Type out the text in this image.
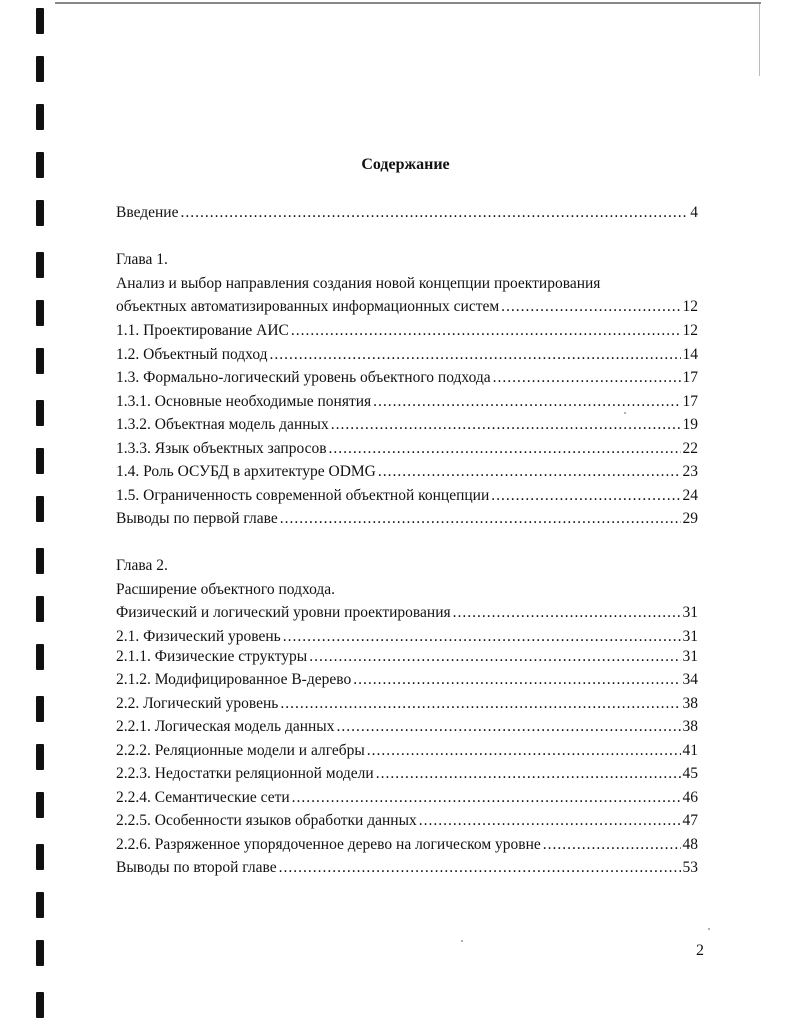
Содержание
Введение .....	4
Глава 1.
Анализ и выбор направления создания новой концепции проектирования
объектных автоматизированных информационных систем .....	12
1.1. Проектирование АИС .....	12
1.2. Объектный подход .....	14
1.3. Формально-логический уровень объектного подхода .....	17
1.3.1. Основные необходимые понятия .....	17
1.3.2. Объектная модель данных .....	19
1.3.3. Язык объектных запросов .....	22
1.4. Роль ОСУБД в архитектуре ODMG .....	23
1.5. Ограниченность современной объектной концепции .....	24
Выводы по первой главе .....	29
Глава 2.
Расширение объектного подхода.
Физический и логический уровни проектирования .....	31
2.1. Физический уровень .....	31
2.1.1. Физические структуры .....	31
2.1.2. Модифицированное B-дерево .....	34
2.2. Логический уровень .....	38
2.2.1. Логическая модель данных .....	38
2.2.2. Реляционные модели и алгебры .....	41
2.2.3. Недостатки реляционной модели .....	45
2.2.4. Семантические сети .....	46
2.2.5. Особенности языков обработки данных .....	47
2.2.6. Разряженное упорядоченное дерево на логическом уровне .....	48
Выводы по второй главе .....	53
2
